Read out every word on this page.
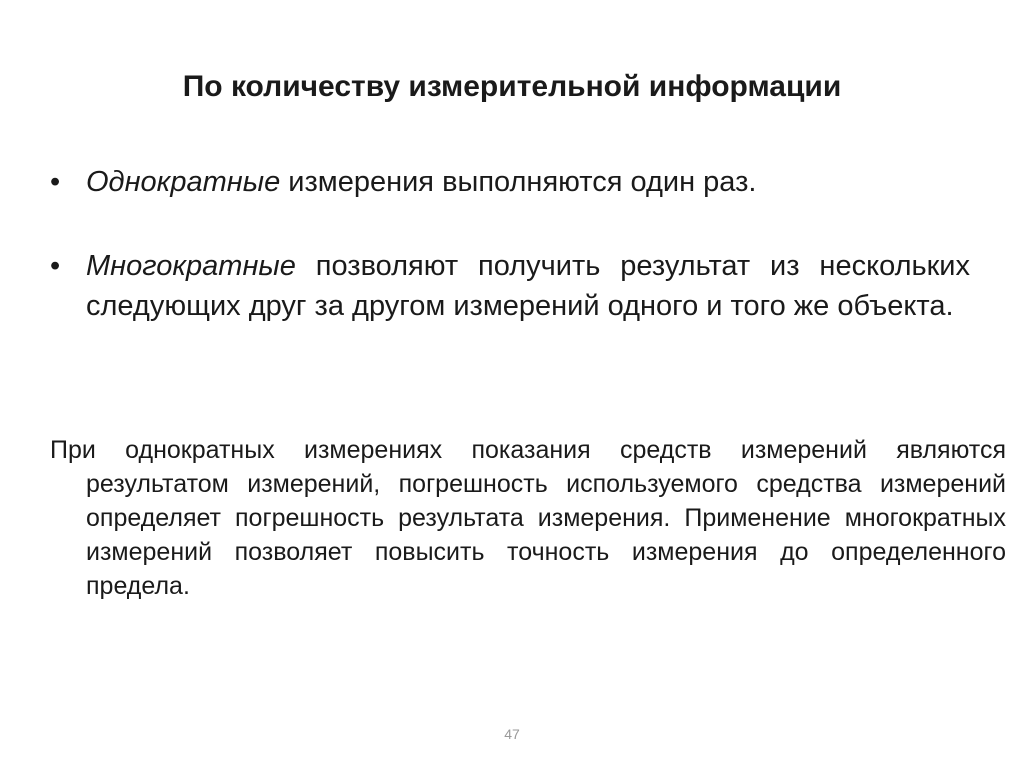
По количеству измерительной информации
• Однократные измерения выполняются один раз.
• Многократные позволяют получить результат из нескольких следующих друг за другом измерений одного и того же объекта.

При однократных измерениях показания средств измерений являются результатом измерений, погрешность используемого средства измерений определяет погрешность результата измерения. Применение многократных измерений позволяет повысить точность измерения до определенного предела.

47
